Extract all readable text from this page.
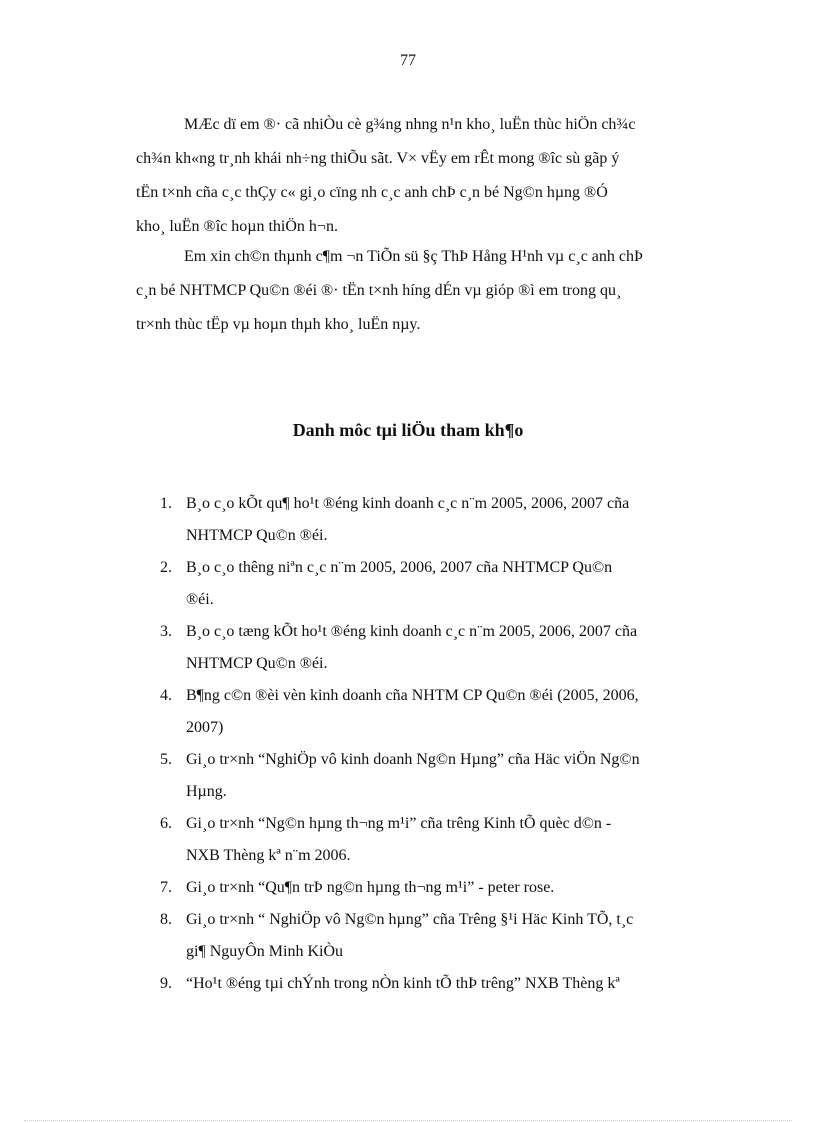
77
MÆc dï em ®· cã nhiÒu cè g¾ng nhng n¹n kho¸ luËn thùc hiÖn ch¾c
ch¾n kh«ng tr¸nh khái nh÷ng thiÕu sãt. V× vËy em rÊt mong ®îc sù gãp ý
tËn t×nh cña c¸c thÇy c« gi¸o cïng nh c¸c anh chÞ c¸n bé Ng©n hµng ®Ó
kho¸ luËn ®îc hoµn thiÖn h¬n.
Em xin ch©n thµnh c¶m ¬n TiÕn sü §ç ThÞ Hång H¹nh vµ c¸c anh chÞ
c¸n bé NHTMCP Qu©n ®éi ®· tËn t×nh híng dÉn vµ gióp ®ì em trong qu¸
tr×nh thùc tËp vµ hoµn thµh kho¸ luËn nµy.
Danh môc tµi liÖu tham kh¶o
1. B¸o c¸o kÕt qu¶ ho¹t ®éng kinh doanh c¸c n¨m 2005, 2006, 2007 cña
NHTMCP Qu©n ®éi.
2. B¸o c¸o thêng niªn c¸c n¨m 2005, 2006, 2007 cña NHTMCP Qu©n
®éi.
3. B¸o c¸o tæng kÕt ho¹t ®éng kinh doanh c¸c n¨m 2005, 2006, 2007 cña
NHTMCP Qu©n ®éi.
4. B¶ng c©n ®èi vèn kinh doanh cña NHTM CP Qu©n ®éi (2005, 2006,
2007)
5. Gi¸o tr×nh “NghiÖp vô kinh doanh Ng©n Hµng” cña Häc viÖn Ng©n
Hµng.
6. Gi¸o tr×nh “Ng©n hµng th¬ng m¹i” cña trêng Kinh tÕ quèc d©n -
NXB Thèng kª n¨m 2006.
7. Gi¸o tr×nh “Qu¶n trÞ ng©n hµng th¬ng m¹i” - peter rose.
8. Gi¸o tr×nh “ NghiÖp vô Ng©n hµng” cña Trêng §¹i Häc Kinh TÕ, t¸c
gi¶ NguyÔn Minh KiÒu
9. “Ho¹t ®éng tµi chÝnh trong nÒn kinh tÕ thÞ trêng” NXB Thèng kª
